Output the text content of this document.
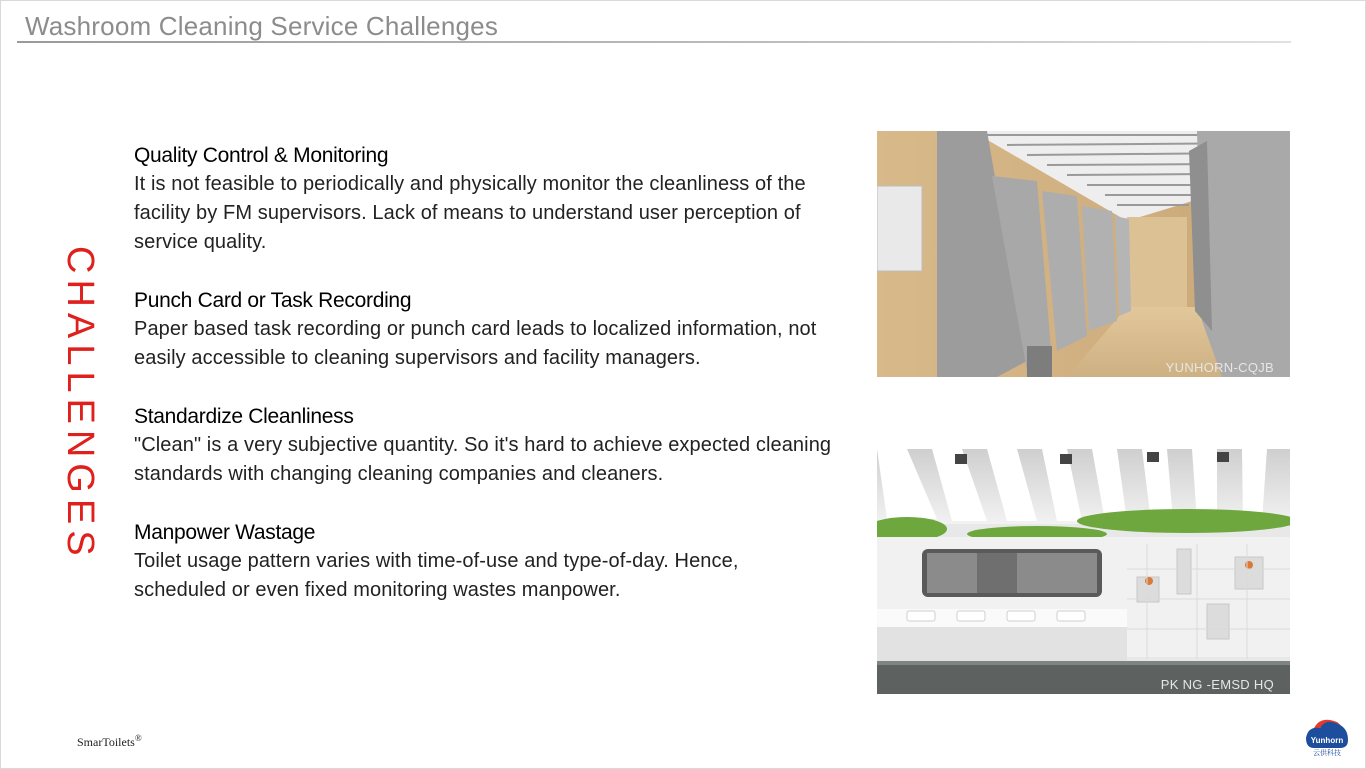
Washroom Cleaning Service Challenges
CHALLENGES
Quality Control & Monitoring

It is not feasible to periodically and physically monitor the cleanliness of the facility by FM supervisors. Lack of means to understand user perception of service quality.

Punch Card or Task Recording

Paper based task recording or punch card leads to localized information, not easily accessible to cleaning supervisors and facility managers.

Standardize Cleanliness

"Clean" is a very subjective quantity. So it's hard to achieve expected cleaning standards with changing cleaning companies and cleaners.

Manpower Wastage

Toilet usage pattern varies with time-of-use and type-of-day. Hence, scheduled or even fixed monitoring wastes manpower.

YUNHORN-CQJB
PK NG -EMSD HQ
SmarToilets®	Yunhorn
云供科技
